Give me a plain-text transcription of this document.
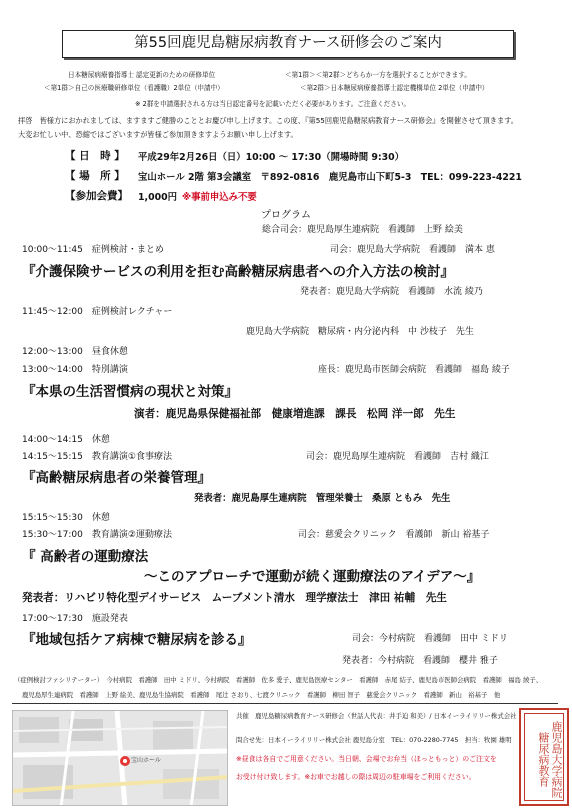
第55回鹿児島糖尿病教育ナース研修会のご案内
日本糖尿病療養指導士 認定更新のための研修単位	＜第1群＞＜第2群＞どちらか一方を選択することができます。
＜第1群＞自己の医療職研修単位（看護職）2単位（申請中）	＜第2群＞日本糖尿病療養指導士認定機構単位 2単位（申請中）
※ 2群を申請選択される方は当日認定番号を記載いただく必要があります。ご注意ください。
拝啓　皆様方におかれましては、ますますご健勝のこととお慶び申し上げます。この度、『第55回鹿児島糖尿病教育ナース研修会』を開催させて頂きます。
大変お忙しい中、恐縮ではございますが皆様ご参加頂きますようお願い申し上げます。
【 日　時 】 平成29年2月26日（日）10:00 ～ 17:30（開場時間 9:30）
【 場　所 】 宝山ホール 2階 第3会議室　〒892-0816　鹿児島市山下町5-3　TEL：099-223-4221
【参加会費】 1,000円 ※事前申込み不要
プログラム
総合司会：鹿児島厚生連病院　看護師　上野 絵美
10:00～11:45　症例検討・まとめ	司会：鹿児島大学病院　看護師　満本 恵
『介護保険サービスの利用を拒む高齢糖尿病患者への介入方法の検討』
発表者：鹿児島大学病院　看護師　水流 綾乃
11:45～12:00　症例検討レクチャー
鹿児島大学病院　糖尿病・内分泌内科　中 沙枝子　先生
12:00～13:00　昼食休憩
13:00～14:00　特別講演	座長：鹿児島市医師会病院　看護師　福島 綾子
『本県の生活習慣病の現状と対策』
演者：鹿児島県保健福祉部　健康増進課　課長　松岡 洋一郎　先生
14:00～14:15　休憩
14:15～15:15　教育講演①食事療法	司会：鹿児島厚生連病院　看護師　吉村 織江
『高齢糖尿病患者の栄養管理』
発表者：鹿児島厚生連病院　管理栄養士　桑原 ともみ　先生
15:15～15:30　休憩
15:30～17:00　教育講演②運動療法	司会：慈愛会クリニック　看護師　新山 裕基子
『 高齢者の運動療法
～このアプローチで運動が続く運動療法のアイデア～』
発表者：リハビリ特化型デイサービス　ムーブメント清水　理学療法士　津田 祐輔　先生
17:00～17:30　施設発表
『地域包括ケア病棟で糖尿病を診る』	司会：今村病院　看護師　田中 ミドリ
発表者：今村病院　看護師　櫻井 雅子
（症例検討ファシリテーター）　今村病院　看護師　田中 ミドリ、今村病院　看護師　佐多 愛子、鹿児島医療センター　看護師　赤尾 結子、鹿児島市医師会病院　看護師　福島 綾子、
鹿児島厚生連病院　看護師　上野 絵美、鹿児島生協病院　看護師　尾辻 さおり、七渡クリニック　看護師　柳田 智子　慈愛会クリニック　看護師　新山　裕基子　他
宝山ホール
共催　鹿児島糖尿病教育ナース研修会（世話人代表：井手迫 和美）/ 日本イーライリリー株式会社
問合せ先：日本イーライリリー株式会社 鹿児島分室　TEL：070-2280-7745　担当：牧園 雄明
※昼食は各自でご用意ください。当日朝、会場でお弁当（ほっともっと）のご注文を
お受け付け致します。※お車でお越しの際は周辺の駐車場をご利用ください。	鹿児島大学病院糖尿病教育
